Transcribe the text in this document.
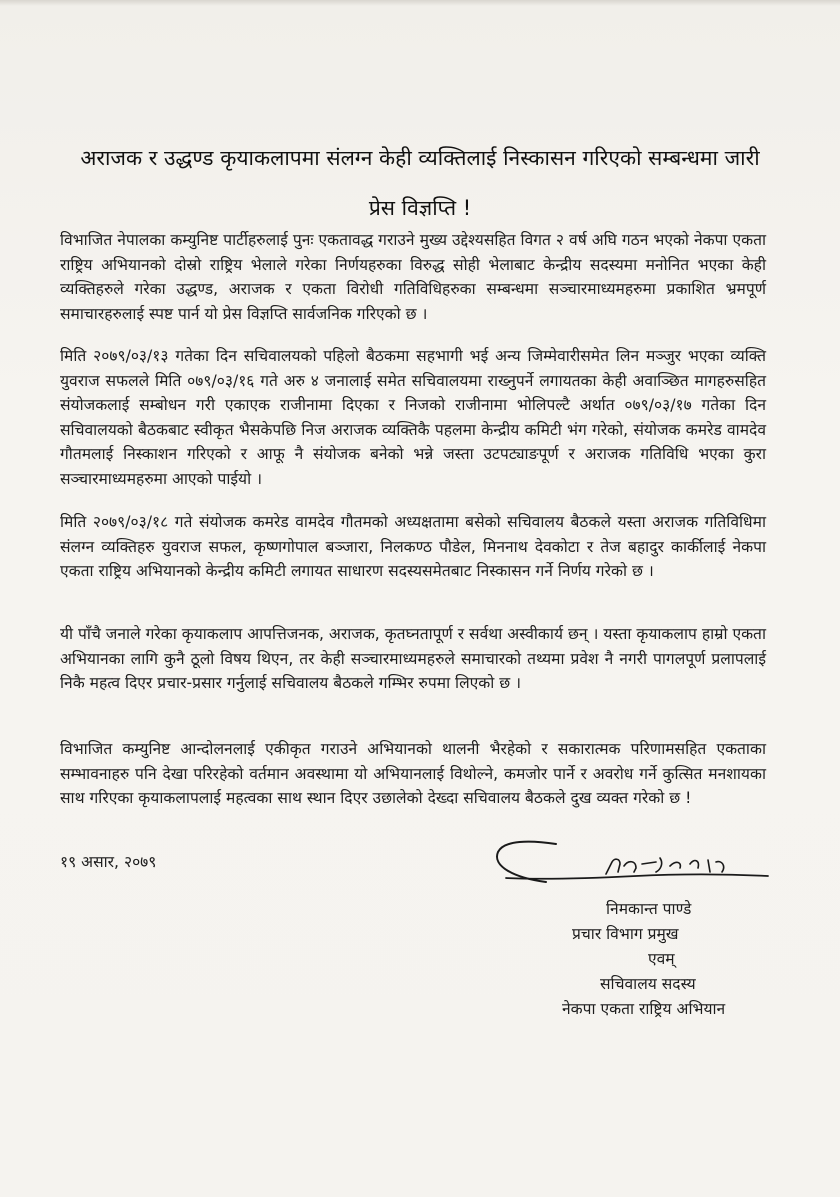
अराजक र उद्धण्ड कृयाकलापमा संलग्न केही व्यक्तिलाई निस्कासन गरिएको सम्बन्धमा जारी
प्रेस विज्ञप्ति !

विभाजित नेपालका कम्युनिष्ट पार्टीहरुलाई पुनः एकतावद्ध गराउने मुख्य उद्देश्यसहित विगत २ वर्ष अघि गठन भएको नेकपा एकता राष्ट्रिय अभियानको दोस्रो राष्ट्रिय भेलाले गरेका निर्णयहरुका विरुद्ध सोही भेलाबाट केन्द्रीय सदस्यमा मनोनित भएका केही व्यक्तिहरुले गरेका उद्धण्ड, अराजक र एकता विरोधी गतिविधिहरुका सम्बन्धमा सञ्चारमाध्यमहरुमा प्रकाशित भ्रमपूर्ण समाचारहरुलाई स्पष्ट पार्न यो प्रेस विज्ञप्ति सार्वजनिक गरिएको छ ।

मिति २०७९/०३/१३ गतेका दिन सचिवालयको पहिलो बैठकमा सहभागी भई अन्य जिम्मेवारीसमेत लिन मञ्जुर भएका व्यक्ति युवराज सफलले मिति ०७९/०३/१६ गते अरु ४ जनालाई समेत सचिवालयमा राख्नुपर्ने लगायतका केही अवाञ्छित मागहरुसहित संयोजकलाई सम्बोधन गरी एकाएक राजीनामा दिएका र निजको राजीनामा भोलिपल्टै अर्थात ०७९/०३/१७ गतेका दिन सचिवालयको बैठकबाट स्वीकृत भैसकेपछि निज अराजक व्यक्तिकै पहलमा केन्द्रीय कमिटी भंग गरेको, संयोजक कमरेड वामदेव गौतमलाई निस्काशन गरिएको र आफू नै संयोजक बनेको भन्ने जस्ता उटपट्याङपूर्ण र अराजक गतिविधि भएका कुरा सञ्चारमाध्यमहरुमा आएको पाईयो ।

मिति २०७९/०३/१८ गते संयोजक कमरेड वामदेव गौतमको अध्यक्षतामा बसेको सचिवालय बैठकले यस्ता अराजक गतिविधिमा संलग्न व्यक्तिहरु युवराज सफल, कृष्णगोपाल बञ्जारा, निलकण्ठ पौडेल, मिननाथ देवकोटा र तेज बहादुर कार्कीलाई नेकपा एकता राष्ट्रिय अभियानको केन्द्रीय कमिटी लगायत साधारण सदस्यसमेतबाट निस्कासन गर्ने निर्णय गरेको छ ।

यी पाँचै जनाले गरेका कृयाकलाप आपत्तिजनक, अराजक, कृतघ्नतापूर्ण र सर्वथा अस्वीकार्य छन् । यस्ता कृयाकलाप हाम्रो एकता अभियानका लागि कुनै ठूलो विषय थिएन, तर केही सञ्चारमाध्यमहरुले समाचारको तथ्यमा प्रवेश नै नगरी पागलपूर्ण प्रलापलाई निकै महत्व दिएर प्रचार-प्रसार गर्नुलाई सचिवालय बैठकले गम्भिर रुपमा लिएको छ ।

विभाजित कम्युनिष्ट आन्दोलनलाई एकीकृत गराउने अभियानको थालनी भैरहेको र सकारात्मक परिणामसहित एकताका सम्भावनाहरु पनि देखा परिरहेको वर्तमान अवस्थामा यो अभियानलाई विथोल्ने, कमजोर पार्ने र अवरोध गर्ने कुत्सित मनशायका साथ गरिएका कृयाकलापलाई महत्वका साथ स्थान दिएर उछालेको देख्दा सचिवालय बैठकले दुख व्यक्त गरेको छ !

१९ असार, २०७९

निमकान्त पाण्डे

प्रचार विभाग प्रमुख

एवम्

सचिवालय सदस्य

नेकपा एकता राष्ट्रिय अभियान
